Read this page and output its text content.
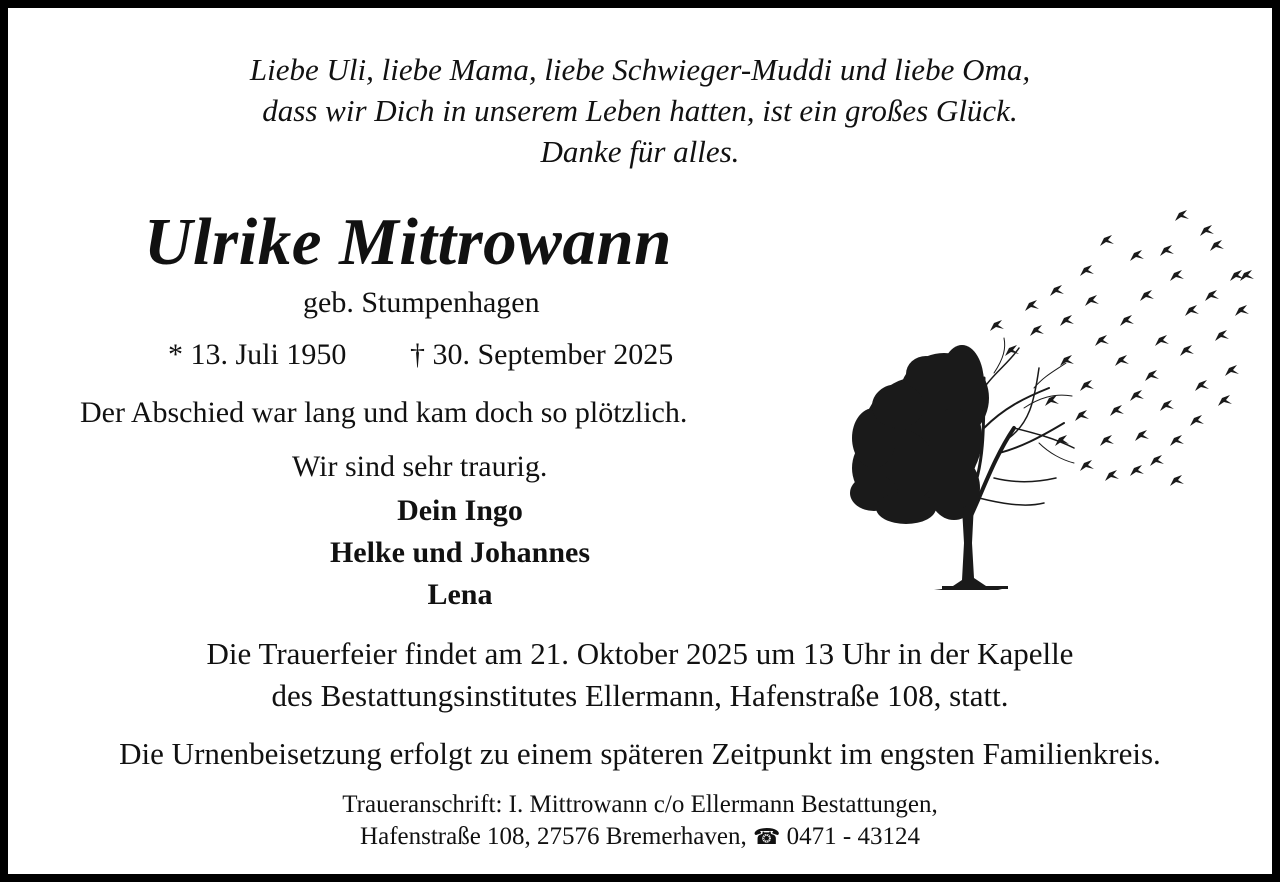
Liebe Uli, liebe Mama, liebe Schwieger-Muddi und liebe Oma,
dass wir Dich in unserem Leben hatten, ist ein großes Glück.
Danke für alles.
Ulrike Mittrowann
geb. Stumpenhagen
* 13. Juli 1950 † 30. September 2025
Der Abschied war lang und kam doch so plötzlich.
Wir sind sehr traurig.
Dein Ingo
Helke und Johannes
Lena
Die Trauerfeier findet am 21. Oktober 2025 um 13 Uhr in der Kapelle
des Bestattungsinstitutes Ellermann, Hafenstraße 108, statt.
Die Urnenbeisetzung erfolgt zu einem späteren Zeitpunkt im engsten Familienkreis.
Traueranschrift: I. Mittrowann c/o Ellermann Bestattungen,
Hafenstraße 108, 27576 Bremerhaven, ☎ 0471 - 43124
